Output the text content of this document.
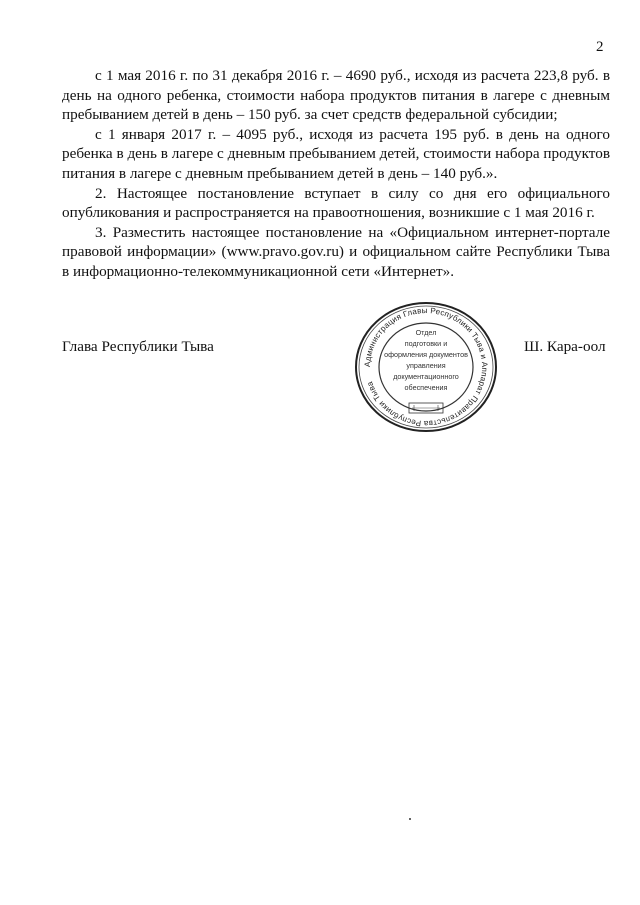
2

с 1 мая 2016 г. по 31 декабря 2016 г. – 4690 руб., исходя из расчета 223,8 руб. в день на одного ребенка, стоимости набора продуктов питания в лагере с дневным пребыванием детей в день – 150 руб. за счет средств федеральной субсидии;

с 1 января 2017 г. – 4095 руб., исходя из расчета 195 руб. в день на одного ребенка в день в лагере с дневным пребыванием детей, стоимости набора продуктов питания в лагере с дневным пребыванием детей в день – 140 руб.».

2. Настоящее постановление вступает в силу со дня его официального опубликования и распространяется на правоотношения, возникшие с 1 мая 2016 г.

3. Разместить настоящее постановление на «Официальном интернет-портале правовой информации» (www.pravo.gov.ru) и официальном сайте Республики Тыва в информационно-телекоммуникационной сети «Интернет».

Глава Республики Тыва
Администрация Главы Республики Тыва и Аппарат Правительства Республики Тыва
Отдел
подготовки и
оформления документов
управления
документационного
обеспечения
Ш. Кара-оол
